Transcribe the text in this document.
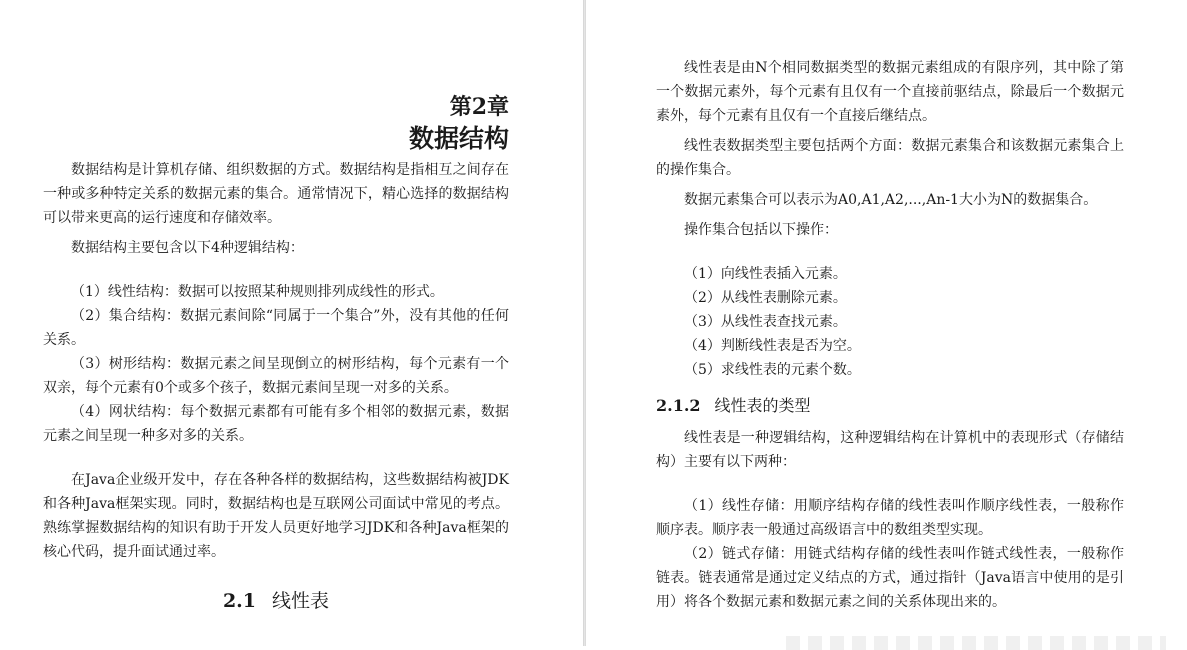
第2章
数据结构

数据结构是计算机存储、组织数据的方式。数据结构是指相互之间存在一种或多种特定关系的数据元素的集合。通常情况下，精心选择的数据结构可以带来更高的运行速度和存储效率。

数据结构主要包含以下4种逻辑结构：

（1）线性结构：数据可以按照某种规则排列成线性的形式。

（2）集合结构：数据元素间除“同属于一个集合”外，没有其他的任何关系。

（3）树形结构：数据元素之间呈现倒立的树形结构，每个元素有一个双亲，每个元素有0个或多个孩子，数据元素间呈现一对多的关系。

（4）网状结构：每个数据元素都有可能有多个相邻的数据元素，数据元素之间呈现一种多对多的关系。

在Java企业级开发中，存在各种各样的数据结构，这些数据结构被JDK和各种Java框架实现。同时，数据结构也是互联网公司面试中常见的考点。熟练掌握数据结构的知识有助于开发人员更好地学习JDK和各种Java框架的核心代码，提升面试通过率。

2.1 线性表

线性表是由N个相同数据类型的数据元素组成的有限序列，其中除了第一个数据元素外，每个元素有且仅有一个直接前驱结点，除最后一个数据元素外，每个元素有且仅有一个直接后继结点。

线性表数据类型主要包括两个方面：数据元素集合和该数据元素集合上的操作集合。

数据元素集合可以表示为A0,A1,A2,...,An-1大小为N的数据集合。

操作集合包括以下操作：

（1）向线性表插入元素。

（2）从线性表删除元素。

（3）从线性表查找元素。

（4）判断线性表是否为空。

（5）求线性表的元素个数。

2.1.2 线性表的类型

线性表是一种逻辑结构，这种逻辑结构在计算机中的表现形式（存储结构）主要有以下两种：

（1）线性存储：用顺序结构存储的线性表叫作顺序线性表，一般称作顺序表。顺序表一般通过高级语言中的数组类型实现。

（2）链式存储：用链式结构存储的线性表叫作链式线性表，一般称作链表。链表通常是通过定义结点的方式，通过指针（Java语言中使用的是引用）将各个数据元素和数据元素之间的关系体现出来的。
